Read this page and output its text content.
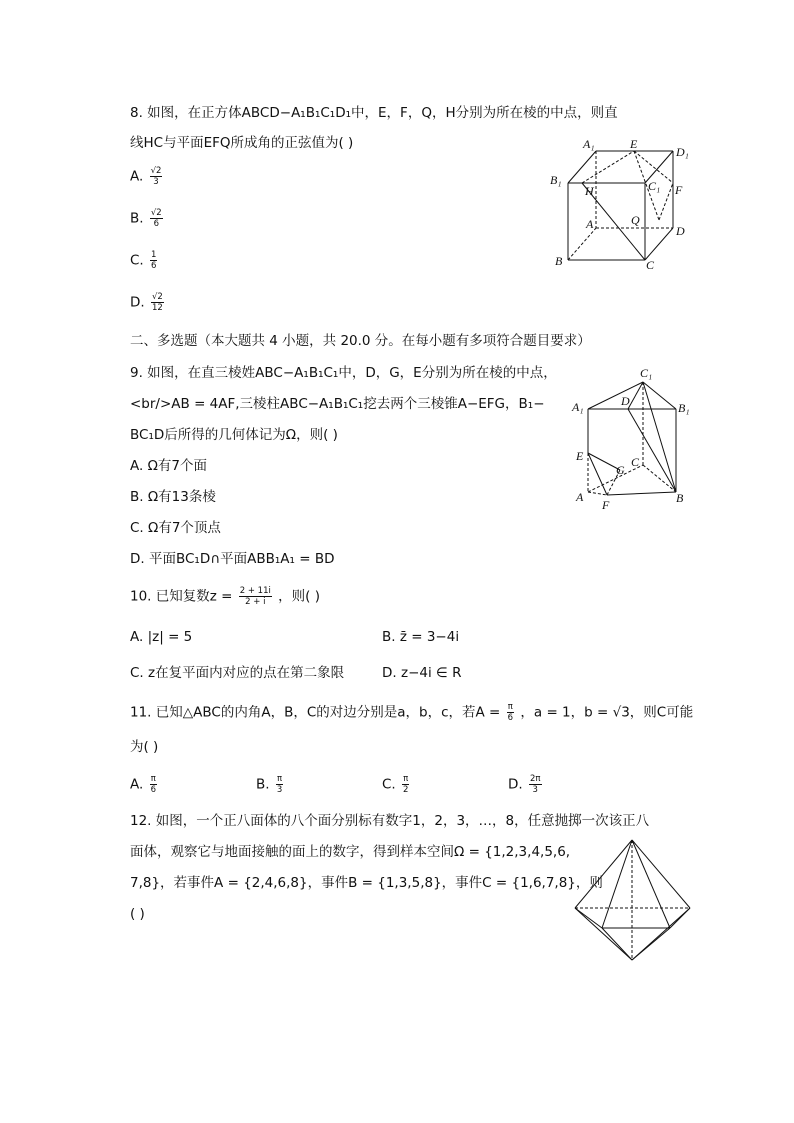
8. 如图，在正方体ABCD−A₁B₁C₁D₁中，E，F，Q，H分别为所在棱的中点，则直
线HC与平面EFQ所成角的正弦值为( )
A. $\frac{√2}{3}$
B. $\frac{√2}{6}$
C. $\frac{1}{6}$
D. $\frac{√2}{12}$
A₁	E
D₁
B₁
H	C₁ F
A	Q
D
B	C
二、多选题（本大题共 4 小题，共 20.0 分。在每小题有多项符合题目要求）
9. 如图，在直三棱姓ABC−A₁B₁C₁中，D，G，E分别为所在棱的中点，
<br/>AB = 4AF,三棱柱ABC−A₁B₁C₁挖去两个三棱锥A−EFG，B₁−
BC₁D后所得的几何体记为Ω，则( )
A. Ω有7个面
B. Ω有13条棱
C. Ω有7个顶点
D. 平面BC₁D∩平面ABB₁A₁ = BD
C₁
A₁	D	B₁
E
G
C
A
F	B
10. 已知复数$z = \frac{2 + 11i}{2 + i}$ ，则( )
A. |z| = 5	B. z̄ = 3−4i
C. z在复平面内对应的点在第二象限	D. z−4i ∈ R
11. 已知△ABC的内角A，B，C的对边分别是a，b，c，若$A = \frac{\pi}{6}$ ，a = 1，b = √3，则C可能
为( )
A. $\frac{\pi}{6}$	B. $\frac{\pi}{3}$	C. $\frac{\pi}{2}$	D. $\frac{2\pi}{3}$
12. 如图，一个正八面体的八个面分别标有数字1，2，3，…，8，任意抛掷一次该正八
面体，观察它与地面接触的面上的数字，得到样本空间Ω = {1,2,3,4,5,6,
7,8}，若事件A = {2,4,6,8}，事件B = {1,3,5,8}，事件C = {1,6,7,8}，则
( )
